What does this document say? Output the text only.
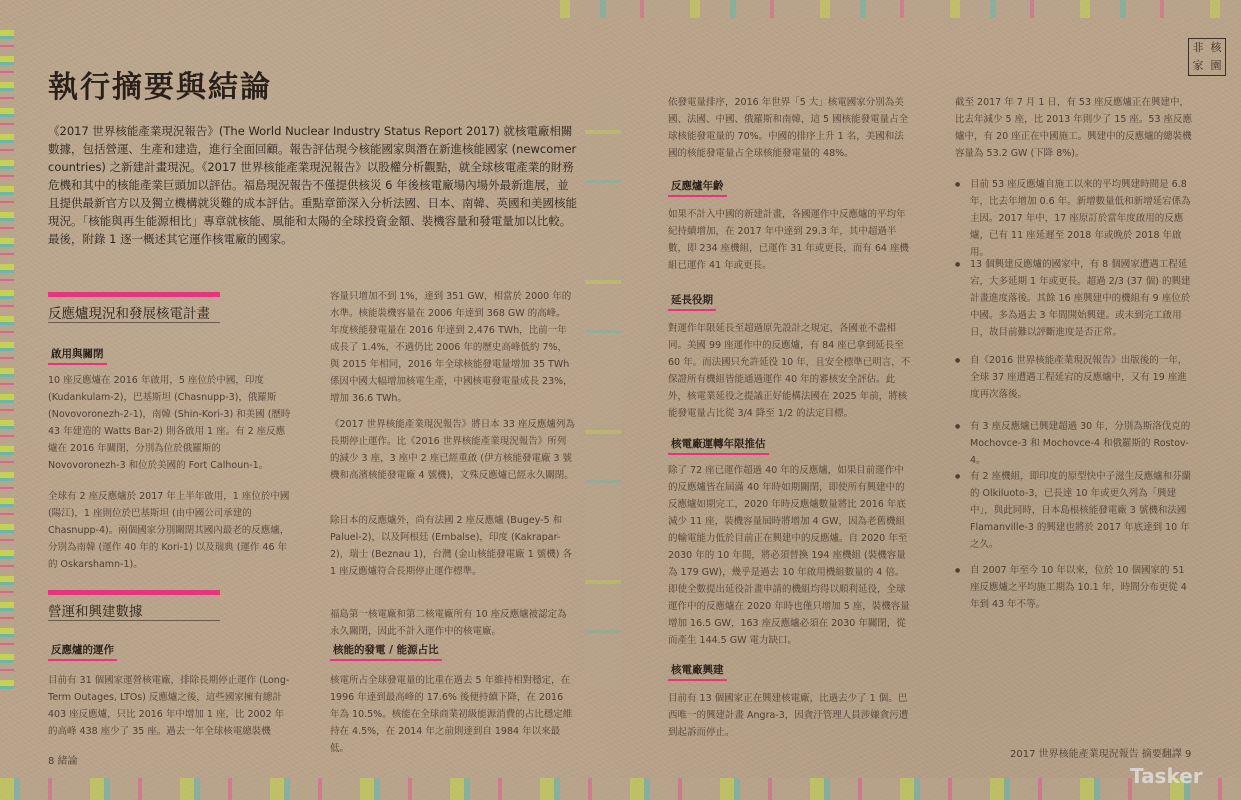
非 核
家 園
執行摘要與結論

《2017 世界核能產業現況報告》(The World Nuclear Industry Status Report 2017) 就核電廠相關數據，包括營運、生產和建造，進行全面回顧。報告評估現今核能國家與潛在新進核能國家 (newcomer countries) 之新建計畫現況。《2017 世界核能產業現況報告》以股權分析觀點，就全球核電產業的財務危機和其中的核能產業巨頭加以評估。福島現況報告不僅提供核災 6 年後核電廠場內場外最新進展，並且提供最新官方以及獨立機構就災難的成本評估。重點章節深入分析法國、日本、南韓、英國和美國核能現況。「核能與再生能源相比」專章就核能、風能和太陽的全球投資金額、裝機容量和發電量加以比較。最後，附錄 1 逐一概述其它運作核電廠的國家。

反應爐現況和發展核電計畫
啟用與關閉

10 座反應爐在 2016 年啟用，5 座位於中國，印度 (Kudankulam-2)，巴基斯坦 (Chasnupp-3)，俄羅斯 (Novovoronezh-2-1)，南韓 (Shin-Kori-3) 和美國 (歷時 43 年建造的 Watts Bar-2) 則各啟用 1 座。有 2 座反應爐在 2016 年關閉，分別為位於俄羅斯的 Novovoronezh-3 和位於美國的 Fort Calhoun-1。

全球有 2 座反應爐於 2017 年上半年啟用，1 座位於中國 (陽江)，1 座則位於巴基斯坦 (由中國公司承建的 Chasnupp-4)。兩個國家分別關閉其國內最老的反應爐，分別為南韓 (運作 40 年的 Kori-1) 以及瑞典 (運作 46 年的 Oskarshamn-1)。

營運和興建數據
反應爐的運作

目前有 31 個國家運營核電廠，排除長期停止運作 (Long-Term Outages, LTOs) 反應爐之後，這些國家擁有總計 403 座反應爐，只比 2016 年中增加 1 座，比 2002 年的高峰 438 座少了 35 座。過去一年全球核電總裝機

容量只增加不到 1%，達到 351 GW，相當於 2000 年的水準。核能裝機容量在 2006 年達到 368 GW 的高峰。年度核能發電量在 2016 年達到 2,476 TWh，比前一年成長了 1.4%，不過仍比 2006 年的歷史高峰低約 7%，與 2015 年相同，2016 年全球核能發電量增加 35 TWh 係因中國大幅增加核電生產，中國核電發電量成長 23%，增加 36.6 TWh。

《2017 世界核能產業現況報告》將日本 33 座反應爐列為長期停止運作。比《2016 世界核能產業現況報告》所列的減少 3 座，3 座中 2 座已經重啟 (伊方核能發電廠 3 號機和高濱核能發電廠 4 號機)，文殊反應爐已經永久關閉。

除日本的反應爐外，尚有法國 2 座反應爐 (Bugey-5 和 Paluel-2)，以及阿根廷 (Embalse)，印度 (Kakrapar-2)，瑞士 (Beznau 1)，台灣 (金山核能發電廠 1 號機) 各 1 座反應爐符合長期停止運作標準。

福島第一核電廠和第二核電廠所有 10 座反應爐被認定為永久關閉，因此不計入運作中的核電廠。

核能的發電 / 能源占比

核電所占全球發電量的比重在過去 5 年維持相對穩定，在 1996 年達到最高峰的 17.6% 後便持續下降，在 2016 年為 10.5%。核能在全球商業初級能源消費的占比穩定維持在 4.5%，在 2014 年之前則達到自 1984 年以來最低。

依發電量排序，2016 年世界「5 大」核電國家分別為美國、法國、中國、俄羅斯和南韓，這 5 國核能發電量占全球核能發電量的 70%。中國的排序上升 1 名，美國和法國的核能發電量占全球核能發電量的 48%。

反應爐年齡

如果不計入中國的新建計畫，各國運作中反應爐的平均年紀持續增加，在 2017 年中達到 29.3 年，其中超過半數，即 234 座機組，已運作 31 年或更長，而有 64 座機組已運作 41 年或更長。

延長役期

對運作年限延長至超過原先設計之規定，各國並不盡相同。美國 99 座運作中的反應爐，有 84 座已拿到延長至 60 年。而法國只允許延役 10 年，且安全標準已明言，不保證所有機組皆能通過運作 40 年的審核安全評估。此外，核電業延役之提議正好能構法國在 2025 年前，將核能發電量占比從 3/4 降至 1/2 的法定目標。

核電廠運轉年限推估

除了 72 座已運作超過 40 年的反應爐，如果目前運作中的反應爐皆在屆滿 40 年時如期關閉，即使所有興建中的反應爐如期完工，2020 年時反應爐數量將比 2016 年底減少 11 座，裝機容量屆時將增加 4 GW，因為老舊機組的輸電能力低於目前正在興建中的反應爐。自 2020 年至 2030 年的 10 年間，將必須替換 194 座機組 (裝機容量為 179 GW)，幾乎是過去 10 年啟用機組數量的 4 倍。即使全數提出延役計畫申請的機組均得以順利延役，全球運作中的反應爐在 2020 年時也僅只增加 5 座，裝機容量增加 16.5 GW，163 座反應爐必須在 2030 年關閉，從而產生 144.5 GW 電力缺口。

核電廠興建

目前有 13 個國家正在興建核電廠，比過去少了 1 個。巴西唯一的興建計畫 Angra-3，因貪汙管理人員涉嫌貪污遭到起訴而停止。

截至 2017 年 7 月 1 日，有 53 座反應爐正在興建中，比去年減少 5 座，比 2013 年則少了 15 座。53 座反應爐中，有 20 座正在中國施工。興建中的反應爐的總裝機容量為 53.2 GW (下降 8%)。

● 目前 53 座反應爐自施工以來的平均興建時間是 6.8 年，比去年增加 0.6 年。新增數量低和新增延宕係為主因。2017 年中，17 座原訂於當年度啟用的反應爐，已有 11 座延遲至 2018 年或晚於 2018 年啟用。
● 13 個興建反應爐的國家中，有 8 個國家遭遇工程延宕，大多延期 1 年或更長。超過 2/3 (37 個) 的興建計畫進度落後。其餘 16 座興建中的機組有 9 座位於中國。多為過去 3 年間開始興建。或未到完工啟用日，故目前難以評斷進度是否正常。
● 自《2016 世界核能產業現況報告》出版後的一年，全球 37 座遭遇工程延宕的反應爐中，又有 19 座進度再次落後。
● 有 3 座反應爐已興建超過 30 年，分別為斯洛伐克的 Mochovce-3 和 Mochovce-4 和俄羅斯的 Rostov-4。
● 有 2 座機組，即印度的原型快中子滋生反應爐和芬蘭的 Olkiluoto-3，已長達 10 年或更久列為「興建中」，與此同時，日本島根核能發電廠 3 號機和法國 Flamanville-3 的興建也將於 2017 年底達到 10 年之久。
● 自 2007 年至今 10 年以來，位於 10 個國家的 51 座反應爐之平均施工期為 10.1 年，時間分布更從 4 年到 43 年不等。
8 緒論
2017 世界核能產業現況報告 摘要翻譯 9
Tasker
